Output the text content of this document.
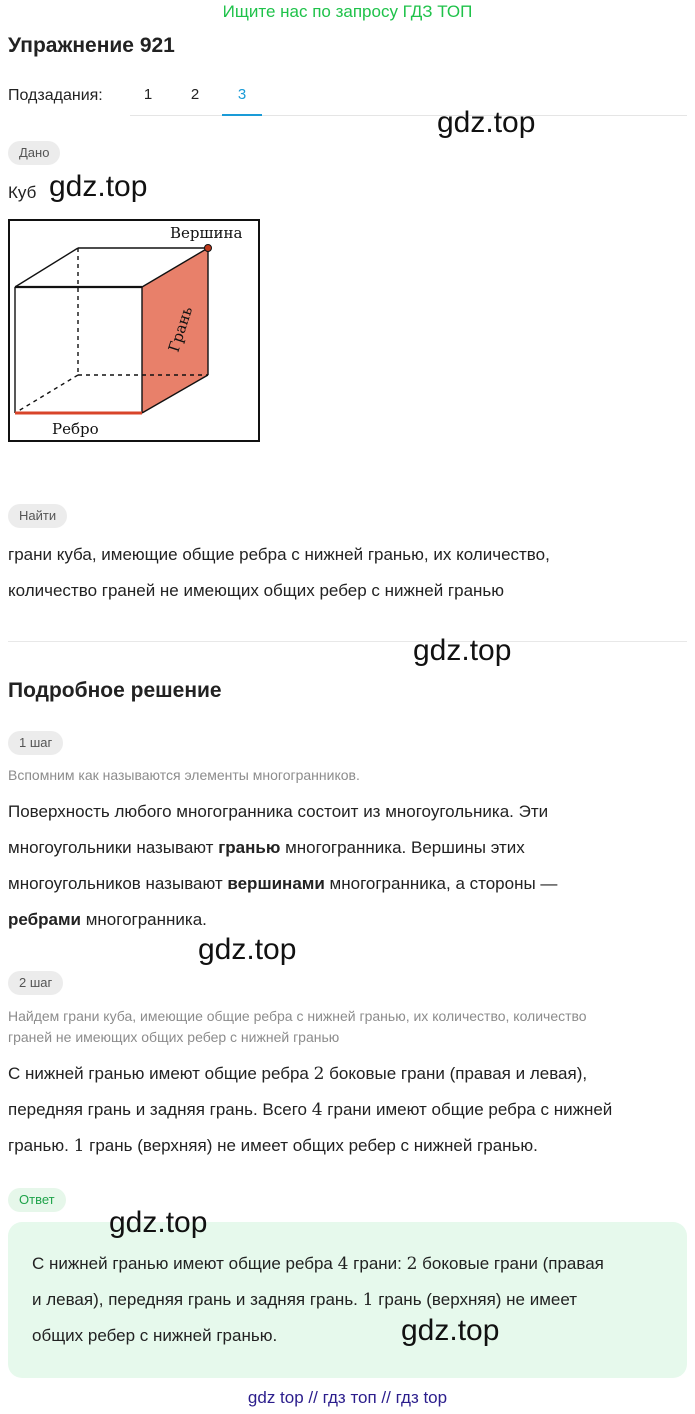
Ищите нас по запросу ГДЗ ТОП
Упражнение 921
Подзадания:	1	2	3
gdz.top
Дано
Куб gdz.top
Вершина
Грань
Ребро
Найти
грани куба, имеющие общие ребра с нижней гранью, их количество,
количество граней не имеющих общих ребер с нижней гранью
gdz.top
Подробное решение
1 шаг
Вспомним как называются элементы многогранников.
Поверхность любого многогранника состоит из многоугольника. Эти
многоугольники называют гранью многогранника. Вершины этих
многоугольников называют вершинами многогранника, а стороны —
ребрами многогранника.
gdz.top
2 шаг
Найдем грани куба, имеющие общие ребра с нижней гранью, их количество, количество
граней не имеющих общих ребер с нижней гранью
С нижней гранью имеют общие ребра 2 боковые грани (правая и левая),
передняя грань и задняя грань. Всего 4 грани имеют общие ребра с нижней
гранью. 1 грань (верхняя) не имеет общих ребер с нижней гранью.
Ответ
С нижней гранью имеют общие ребра 4 грани: 2 боковые грани (правая
и левая), передняя грань и задняя грань. 1 грань (верхняя) не имеет
общих ребер с нижней гранью.
gdz.top
gdz.top
gdz top // гдз топ // гдз top
